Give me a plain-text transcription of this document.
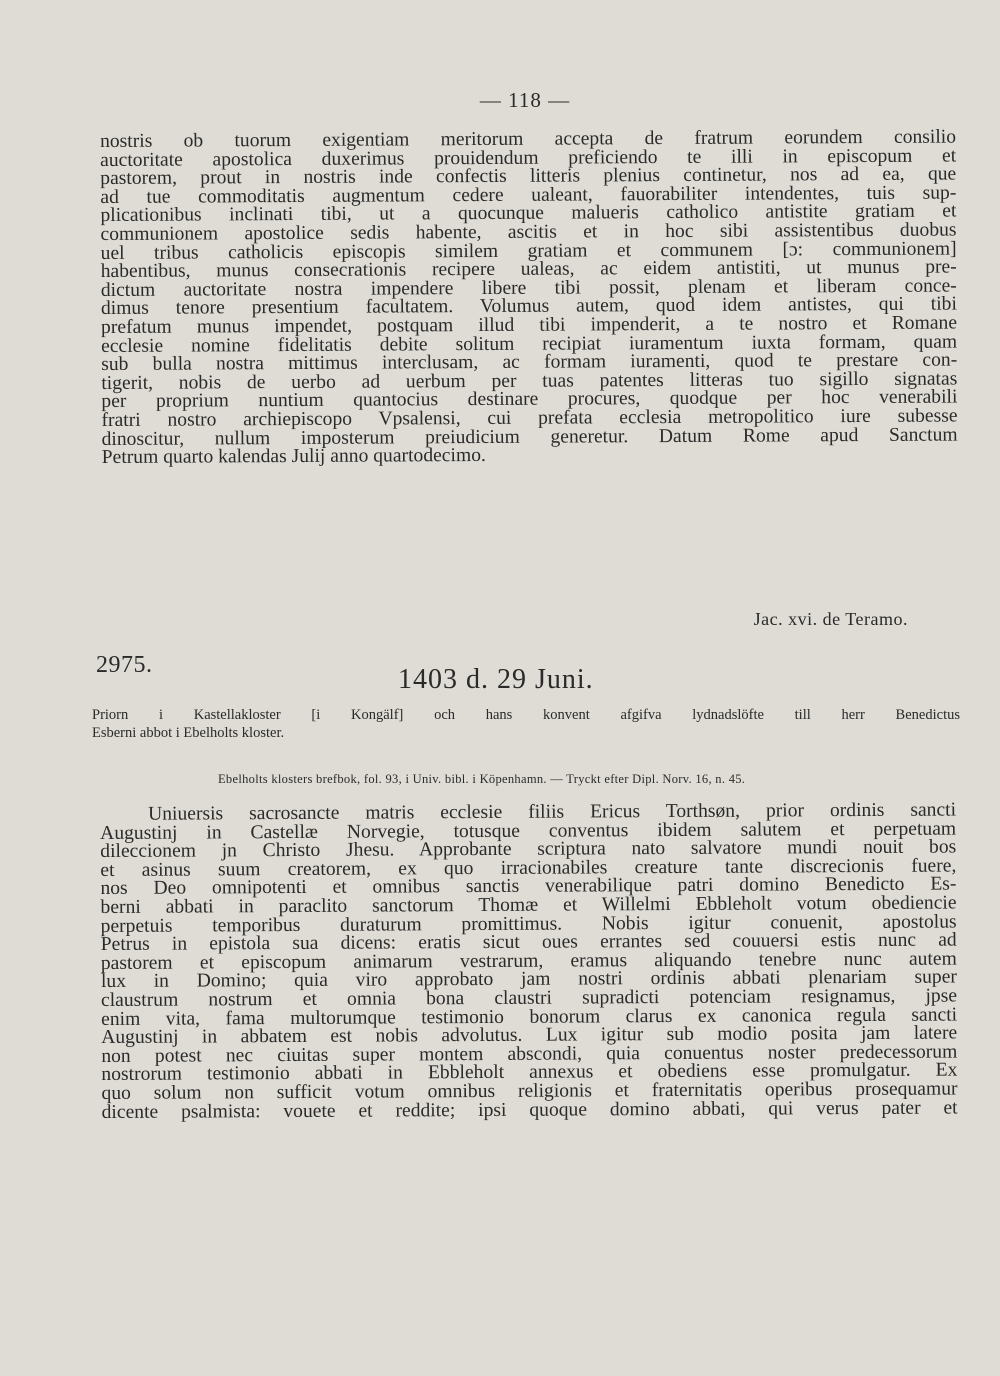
— 118 —
nostris ob tuorum exigentiam meritorum accepta de fratrum eorundem consilio
auctoritate apostolica duxerimus prouidendum preficiendo te illi in episcopum et
pastorem, prout in nostris inde confectis litteris plenius continetur, nos ad ea, que
ad tue commoditatis augmentum cedere ualeant, fauorabiliter intendentes, tuis sup-
plicationibus inclinati tibi, ut a quocunque malueris catholico antistite gratiam et
communionem apostolice sedis habente, ascitis et in hoc sibi assistentibus duobus
uel tribus catholicis episcopis similem gratiam et communem [ɔ: communionem]
habentibus, munus consecrationis recipere ualeas, ac eidem antistiti, ut munus pre-
dictum auctoritate nostra impendere libere tibi possit, plenam et liberam conce-
dimus tenore presentium facultatem. Volumus autem, quod idem antistes, qui tibi
prefatum munus impendet, postquam illud tibi impenderit, a te nostro et Romane
ecclesie nomine fidelitatis debite solitum recipiat iuramentum iuxta formam, quam
sub bulla nostra mittimus interclusam, ac formam iuramenti, quod te prestare con-
tigerit, nobis de uerbo ad uerbum per tuas patentes litteras tuo sigillo signatas
per proprium nuntium quantocius destinare procures, quodque per hoc venerabili
fratri nostro archiepiscopo Vpsalensi, cui prefata ecclesia metropolitico iure subesse
dinoscitur, nullum imposterum preiudicium generetur. Datum Rome apud Sanctum
Petrum quarto kalendas Julij anno quartodecimo.
Jac. xvi. de Teramo.
2975.	1403 d. 29 Juni.
Priorn i Kastellakloster [i Kongälf] och hans konvent afgifva lydnadslöfte till herr Benedictus
Esberni abbot i Ebelholts kloster.
Ebelholts klosters brefbok, fol. 93, i Univ. bibl. i Köpenhamn. — Tryckt efter Dipl. Norv. 16, n. 45.
Uniuersis sacrosancte matris ecclesie filiis Ericus Torthsøn, prior ordinis sancti
Augustinj in Castellæ Norvegie, totusque conventus ibidem salutem et perpetuam
dileccionem jn Christo Jhesu. Approbante scriptura nato salvatore mundi nouit bos
et asinus suum creatorem, ex quo irracionabiles creature tante discrecionis fuere,
nos Deo omnipotenti et omnibus sanctis venerabilique patri domino Benedicto Es-
berni abbati in paraclito sanctorum Thomæ et Willelmi Ebbleholt votum obediencie
perpetuis temporibus duraturum promittimus. Nobis igitur conuenit, apostolus
Petrus in epistola sua dicens: eratis sicut oues errantes sed couuersi estis nunc ad
pastorem et episcopum animarum vestrarum, eramus aliquando tenebre nunc autem
lux in Domino; quia viro approbato jam nostri ordinis abbati plenariam super
claustrum nostrum et omnia bona claustri supradicti potenciam resignamus, jpse
enim vita, fama multorumque testimonio bonorum clarus ex canonica regula sancti
Augustinj in abbatem est nobis advolutus. Lux igitur sub modio posita jam latere
non potest nec ciuitas super montem abscondi, quia conuentus noster predecessorum
nostrorum testimonio abbati in Ebbleholt annexus et obediens esse promulgatur. Ex
quo solum non sufficit votum omnibus religionis et fraternitatis operibus prosequamur
dicente psalmista: vouete et reddite; ipsi quoque domino abbati, qui verus pater et
